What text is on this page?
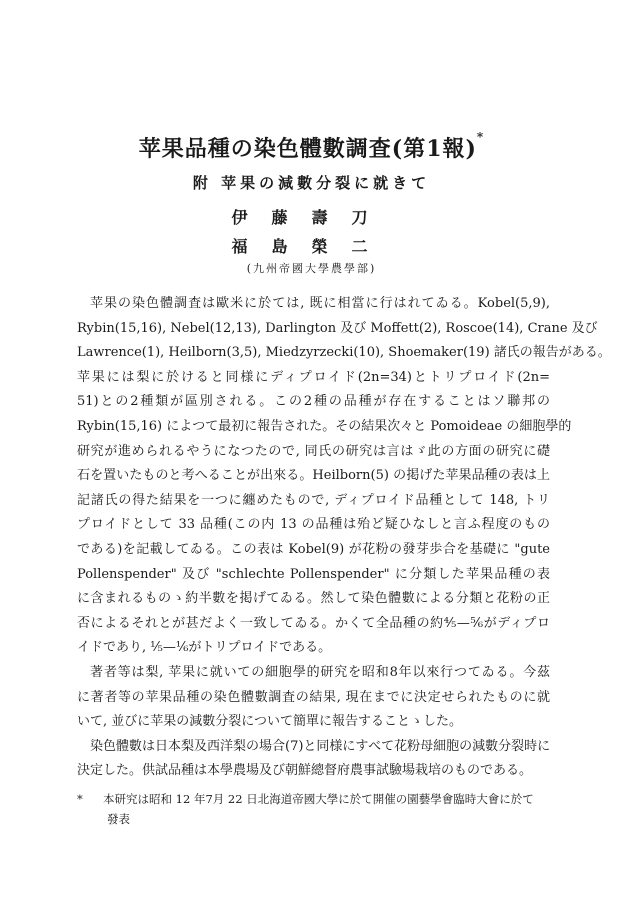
苹果品種の染色體數調査(第1報)*
附 苹果の減數分裂に就きて
伊藤壽刀
福島榮二
(九州帝國大學農學部)
苹果の染色體調査は歐米に於ては, 既に相當に行はれてゐる。Kobel(5,9),
Rybin(15,16), Nebel(12,13), Darlington 及び Moffett(2), Roscoe(14), Crane 及び
Lawrence(1), Heilborn(3,5), Miedzyrzecki(10), Shoemaker(19) 諸氏の報告がある。
苹果には梨に於けると同様にディプロイド(2n=34)とトリプロイド(2n=
51)との2種類が區別される。この2種の品種が存在することはソ聯邦の
Rybin(15,16) によつて最初に報告された。その結果次々と Pomoideae の細胞學的
研究が進められるやうになつたので, 同氏の研究は言はゞ此の方面の研究に礎
石を置いたものと考へることが出來る。Heilborn(5) の掲げた苹果品種の表は上
記諸氏の得た結果を一つに纏めたもので, ディプロイド品種として 148, トリ
プロイドとして 33 品種(この内 13 の品種は殆ど疑ひなしと言ふ程度のもの
である)を記載してゐる。この表は Kobel(9) が花粉の發芽歩合を基礎に "gute
Pollenspender" 及び "schlechte Pollenspender" に分類した苹果品種の表
に含まれるものゝ約半數を掲げてゐる。然して染色體數による分類と花粉の正
否によるそれとが甚だよく一致してゐる。かくて全品種の約⅘—⅚がディプロ
イドであり, ⅕—⅙がトリプロイドである。
著者等は梨, 苹果に就いての細胞學的研究を昭和8年以來行つてゐる。今茲
に著者等の苹果品種の染色體數調査の結果, 現在までに決定せられたものに就
いて, 並びに苹果の減數分裂について簡單に報告することゝした。
染色體數は日本梨及西洋梨の場合(7)と同様にすべて花粉母細胞の減數分裂時に
決定した。供試品種は本學農場及び朝鮮總督府農事試驗場栽培のものである。
* 本研究は昭和 12 年7月 22 日北海道帝國大學に於て開催の園藝學會臨時大會に於て
發表
